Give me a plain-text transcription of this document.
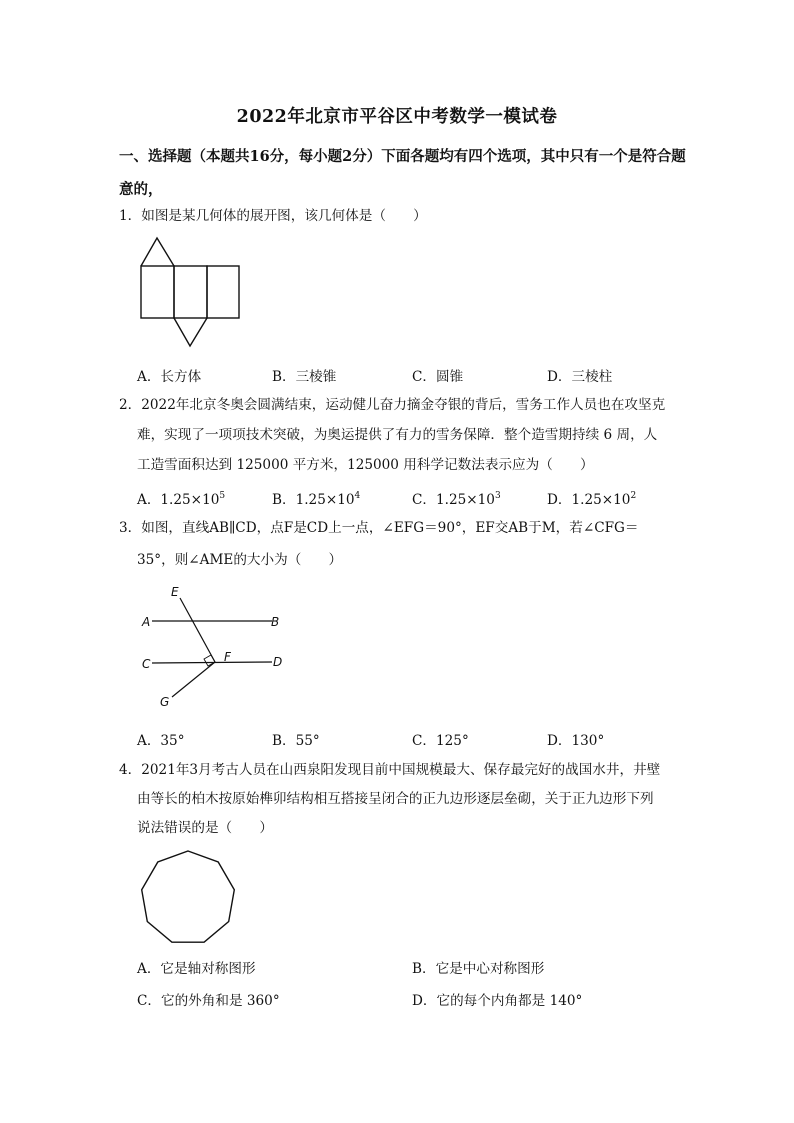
2022年北京市平谷区中考数学一模试卷
一、选择题（本题共16分，每小题2分）下面各题均有四个选项，其中只有一个是符合题
意的，
1．如图是某几何体的展开图，该几何体是（　　）
A．长方体	B．三棱锥	C．圆锥	D．三棱柱
2．2022年北京冬奥会圆满结束，运动健儿奋力摘金夺银的背后，雪务工作人员也在攻坚克
难，实现了一项项技术突破，为奥运提供了有力的雪务保障．整个造雪期持续 6 周，人
工造雪面积达到 125000 平方米，125000 用科学记数法表示应为（　　）
A．$1.25\times 10^5$	B．$1.25\times 10^4$	C．$1.25\times 10^3$	D．$1.25\times 10^2$
3．如图，直线AB∥CD，点F是CD上一点，∠EFG＝90°，EF交AB于M，若∠CFG＝
35°，则∠AME的大小为（　　）
E
A	B
C	F	D
G
A．35°	B．55°	C．125°	D．130°
4．2021年3月考古人员在山西泉阳发现目前中国规模最大、保存最完好的战国水井，井壁
由等长的柏木按原始榫卯结构相互搭接呈闭合的正九边形逐层垒砌，关于正九边形下列
说法错误的是（　　）
A．它是轴对称图形	B．它是中心对称图形
C．它的外角和是 360°	D．它的每个内角都是 140°
